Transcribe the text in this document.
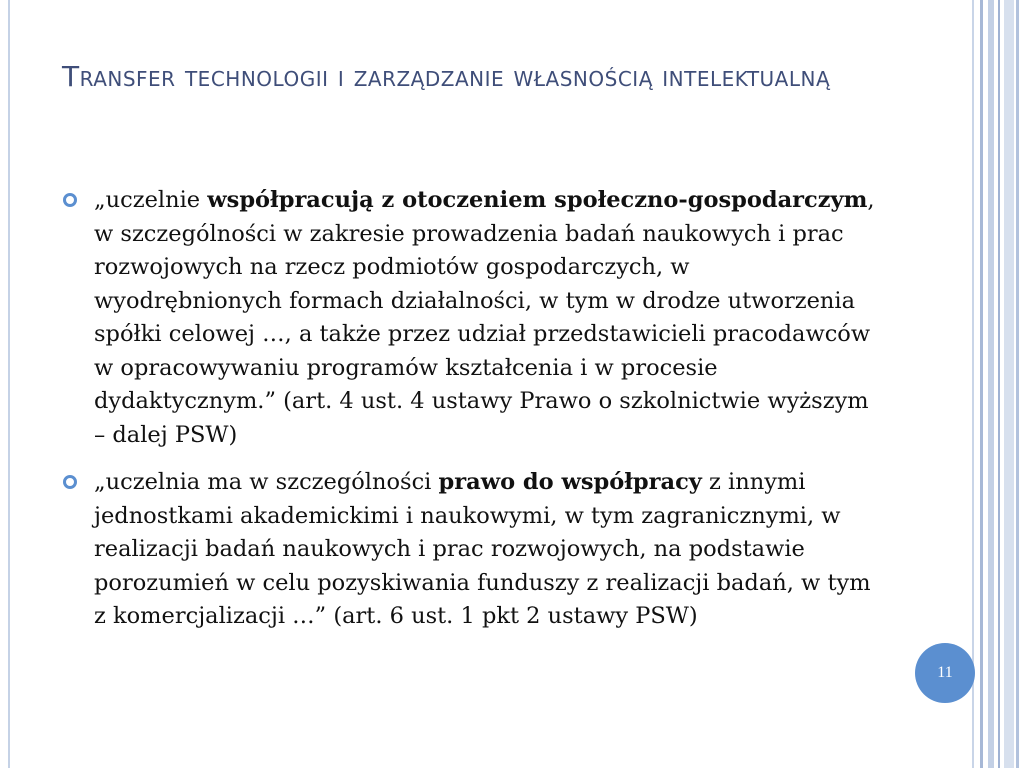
Transfer technologii i zarządzanie własnością intelektualną
„uczelnie współpracują z otoczeniem społeczno-gospodarczym, w szczególności w zakresie prowadzenia badań naukowych i prac rozwojowych na rzecz podmiotów gospodarczych, w wyodrębnionych formach działalności, w tym w drodze utworzenia spółki celowej …, a także przez udział przedstawicieli pracodawców w opracowywaniu programów kształcenia i w procesie dydaktycznym.” (art. 4 ust. 4 ustawy Prawo o szkolnictwie wyższym – dalej PSW)
„uczelnia ma w szczególności prawo do współpracy z innymi jednostkami akademickimi i naukowymi, w tym zagranicznymi, w realizacji badań naukowych i prac rozwojowych, na podstawie porozumień w celu pozyskiwania funduszy z realizacji badań, w tym z komercjalizacji …” (art. 6 ust. 1 pkt 2 ustawy PSW)
11
